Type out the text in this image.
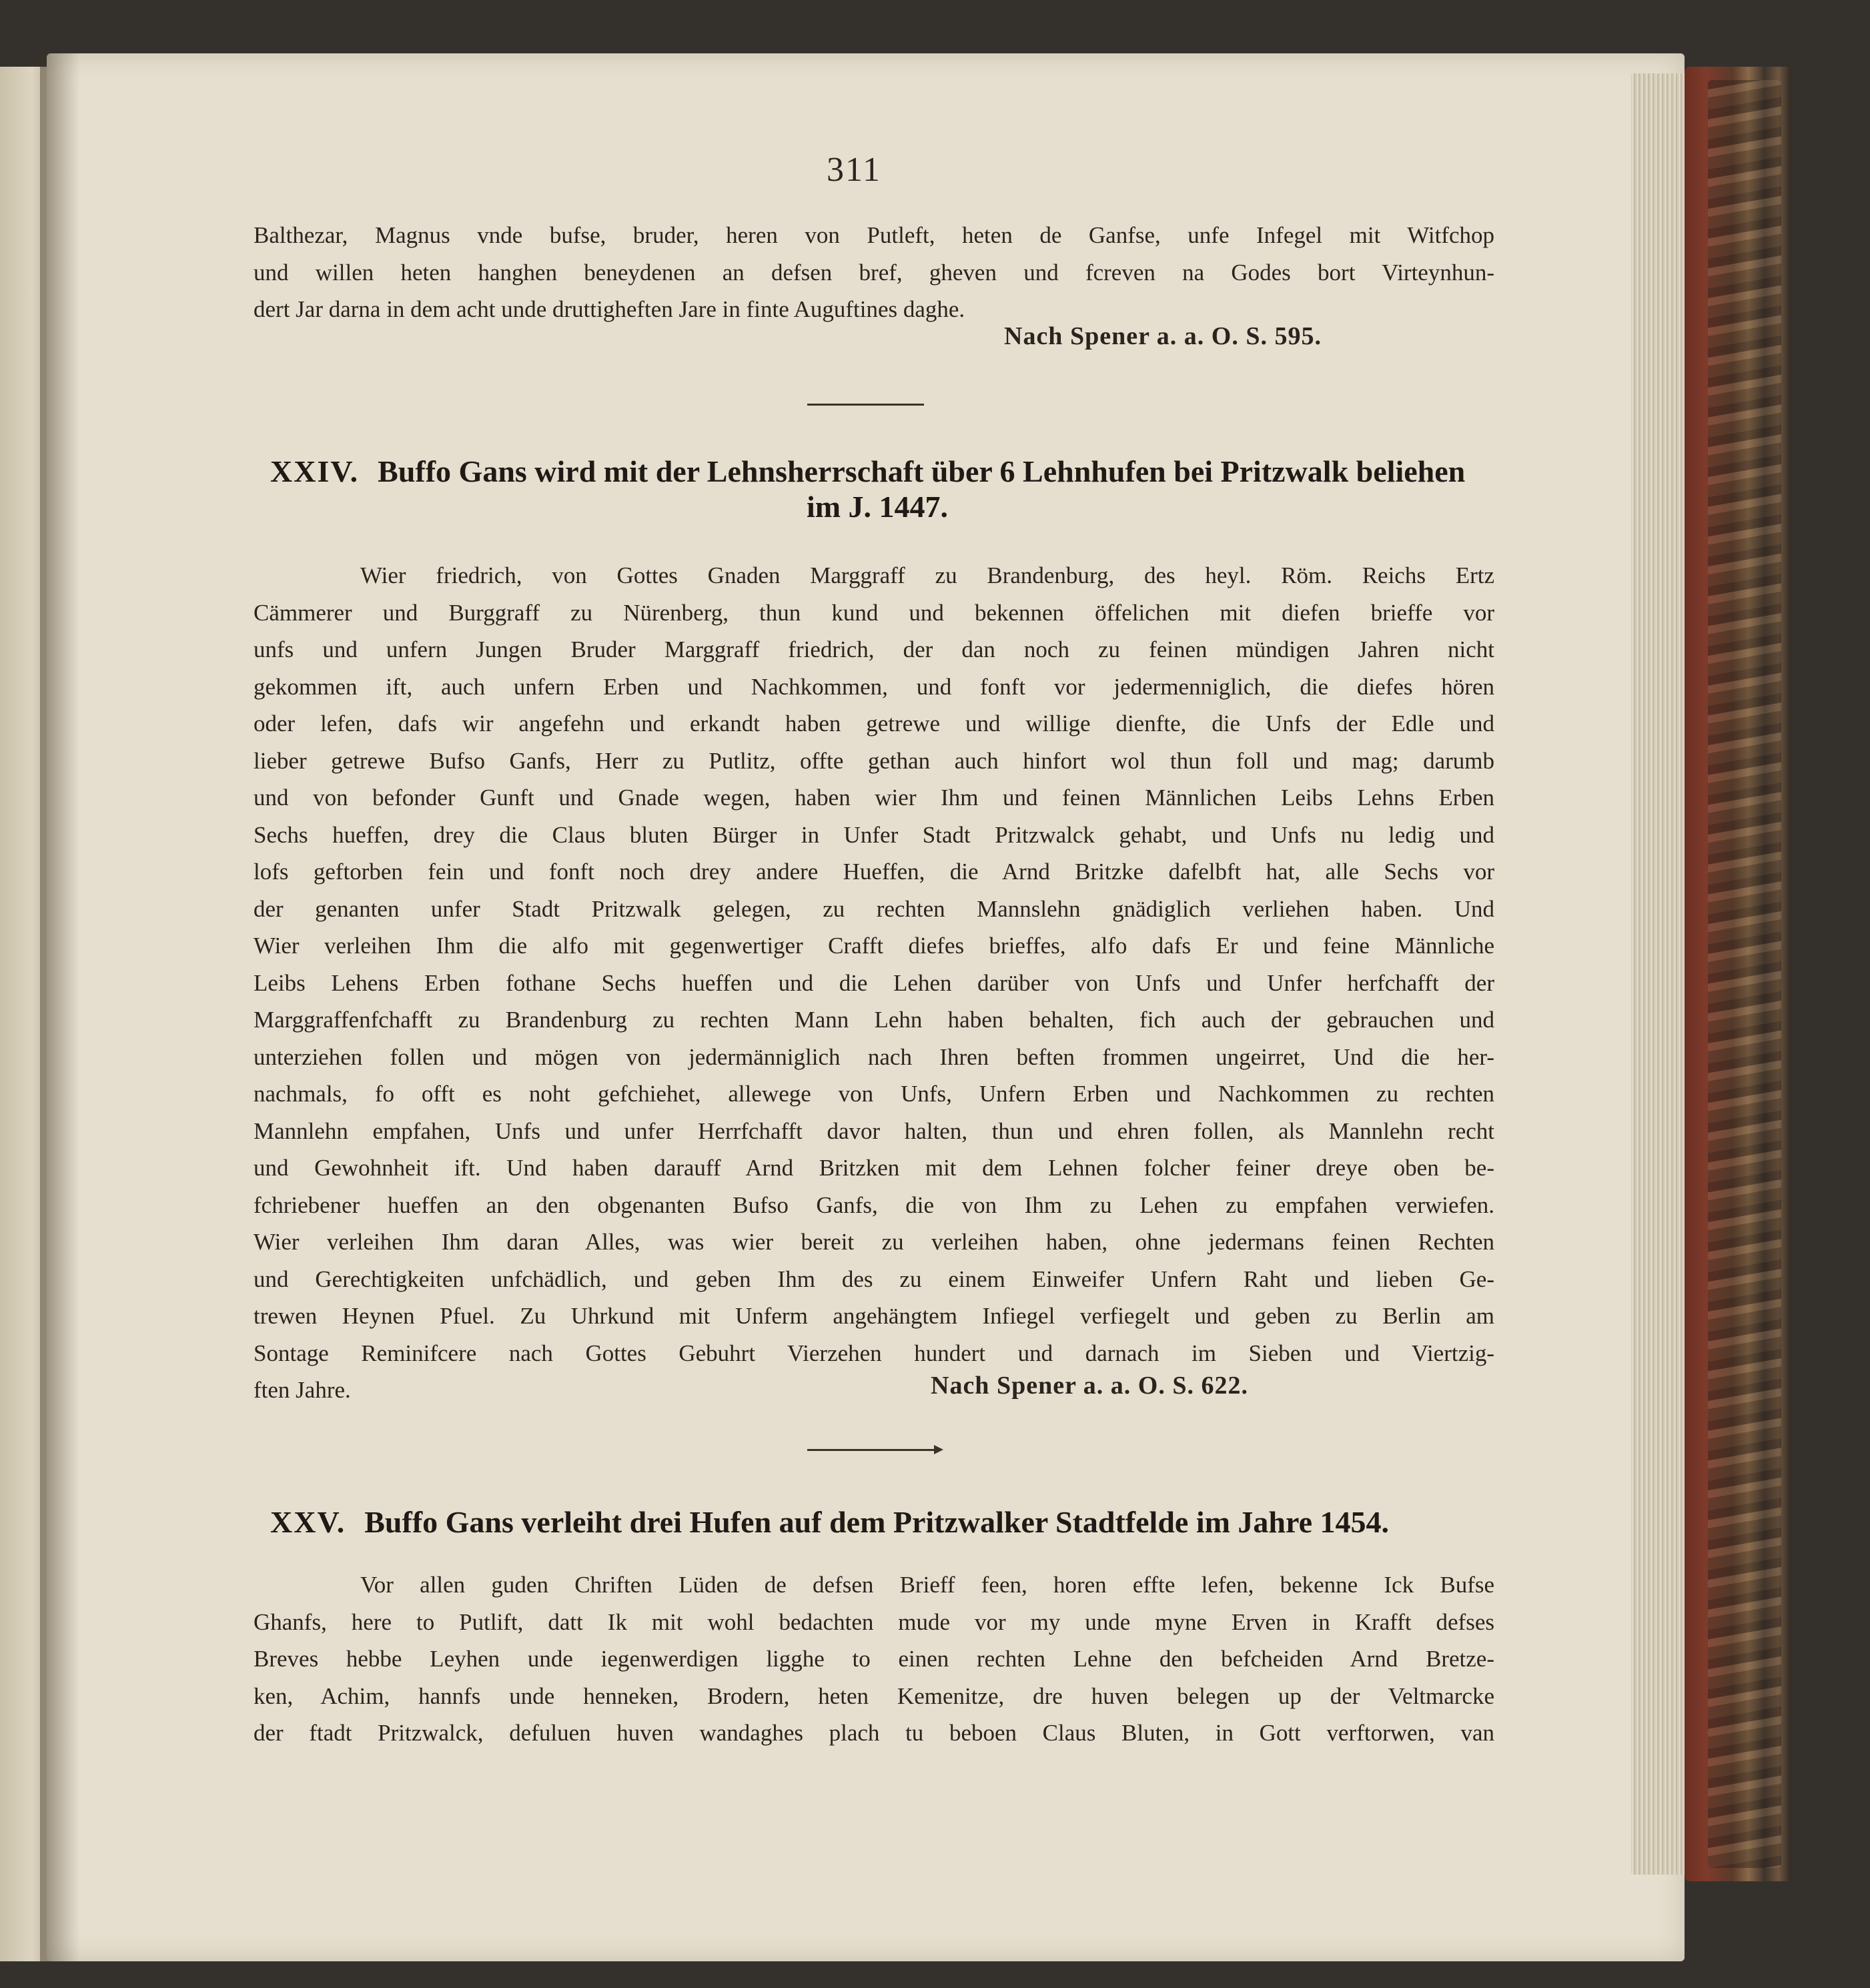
311
Balthezar, Magnus vnde bufse, bruder, heren von Putleft, heten de Ganfse, unfe Infegel mit Witfchop
und willen heten hanghen beneydenen an defsen bref, gheven und fcreven na Godes bort Virteynhun-
dert Jar darna in dem acht unde druttigheften Jare in finte Auguftines daghe.
Nach Spener a. a. O. S. 595.
XXIV. Buffo Gans wird mit der Lehnsherrschaft über 6 Lehnhufen bei Pritzwalk beliehen
im J. 1447.
Wier friedrich, von Gottes Gnaden Marggraff zu Brandenburg, des heyl. Röm. Reichs Ertz
Cämmerer und Burggraff zu Nürenberg, thun kund und bekennen öffelichen mit diefen brieffe vor
unfs und unfern Jungen Bruder Marggraff friedrich, der dan noch zu feinen mündigen Jahren nicht
gekommen ift, auch unfern Erben und Nachkommen, und fonft vor jedermenniglich, die diefes hören
oder lefen, dafs wir angefehn und erkandt haben getrewe und willige dienfte, die Unfs der Edle und
lieber getrewe Bufso Ganfs, Herr zu Putlitz, offte gethan auch hinfort wol thun foll und mag; darumb
und von befonder Gunft und Gnade wegen, haben wier Ihm und feinen Männlichen Leibs Lehns Erben
Sechs hueffen, drey die Claus bluten Bürger in Unfer Stadt Pritzwalck gehabt, und Unfs nu ledig und
lofs geftorben fein und fonft noch drey andere Hueffen, die Arnd Britzke dafelbft hat, alle Sechs vor
der genanten unfer Stadt Pritzwalk gelegen, zu rechten Mannslehn gnädiglich verliehen haben. Und
Wier verleihen Ihm die alfo mit gegenwertiger Crafft diefes brieffes, alfo dafs Er und feine Männliche
Leibs Lehens Erben fothane Sechs hueffen und die Lehen darüber von Unfs und Unfer herfchafft der
Marggraffenfchafft zu Brandenburg zu rechten Mann Lehn haben behalten, fich auch der gebrauchen und
unterziehen follen und mögen von jedermänniglich nach Ihren beften frommen ungeirret, Und die her-
nachmals, fo offt es noht gefchiehet, allewege von Unfs, Unfern Erben und Nachkommen zu rechten
Mannlehn empfahen, Unfs und unfer Herrfchafft davor halten, thun und ehren follen, als Mannlehn recht
und Gewohnheit ift. Und haben darauff Arnd Britzken mit dem Lehnen folcher feiner dreye oben be-
fchriebener hueffen an den obgenanten Bufso Ganfs, die von Ihm zu Lehen zu empfahen verwiefen.
Wier verleihen Ihm daran Alles, was wier bereit zu verleihen haben, ohne jedermans feinen Rechten
und Gerechtigkeiten unfchädlich, und geben Ihm des zu einem Einweifer Unfern Raht und lieben Ge-
trewen Heynen Pfuel. Zu Uhrkund mit Unferm angehängtem Infiegel verfiegelt und geben zu Berlin am
Sontage Reminifcere nach Gottes Gebuhrt Vierzehen hundert und darnach im Sieben und Viertzig-
ften Jahre.	Nach Spener a. a. O. S. 622.
XXV. Buffo Gans verleiht drei Hufen auf dem Pritzwalker Stadtfelde im Jahre 1454.
Vor allen guden Chriften Lüden de defsen Brieff feen, horen effte lefen, bekenne Ick Bufse
Ghanfs, here to Putlift, datt Ik mit wohl bedachten mude vor my unde myne Erven in Krafft defses
Breves hebbe Leyhen unde iegenwerdigen ligghe to einen rechten Lehne den befcheiden Arnd Bretze-
ken, Achim, hannfs unde henneken, Brodern, heten Kemenitze, dre huven belegen up der Veltmarcke
der ftadt Pritzwalck, defuluen huven wandaghes plach tu beboen Claus Bluten, in Gott verftorwen, van
